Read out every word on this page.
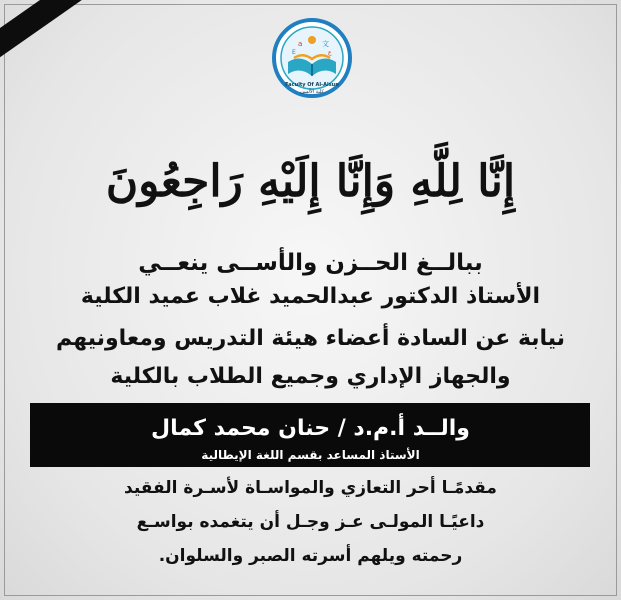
a	文
E	ع
Faculty Of Al-Alsun
كلية الألسن
إِنَّا لِلَّهِ وَإِنَّا إِلَيْهِ رَاجِعُونَ
ببالــغ الحــزن والأســى ينعــي
الأستاذ الدكتور عبدالحميد غلاب عميد الكلية
نيابة عن السادة أعضاء هيئة التدريس ومعاونيهم
والجهاز الإداري وجميع الطلاب بالكلية
والــد أ.م.د / حنان محمد كمال
الأستاذ المساعد بقسم اللغة الإيطالية
مقدمًـا أحر التعازي والمواسـاة لأسـرة الفقيد
داعيًـا المولـى عـز وجـل أن يتغمده بواسـع
رحمته ويلهم أسرته الصبر والسلوان.
